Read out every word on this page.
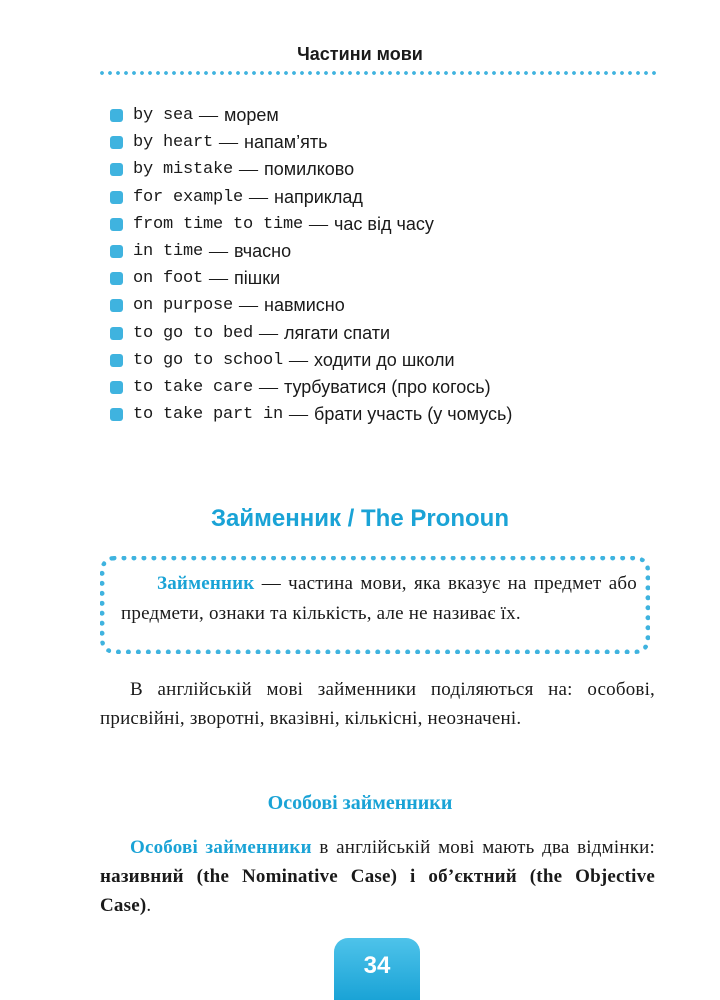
Частини мови
by sea — морем
by heart — напам’ять
by mistake — помилково
for example — наприклад
from time to time — час від часу
in time — вчасно
on foot — пішки
on purpose — навмисно
to go to bed — лягати спати
to go to school — ходити до школи
to take care — турбуватися (про когось)
to take part in — брати участь (у чомусь)
Займенник / The Pronoun

Займенник — частина мови, яка вказує на предмет або предмети, ознаки та кількість, але не називає їх.

В англійській мові займенники поділяються на: особові, присвійні, зворотні, вказівні, кількісні, неозначені.

Особові займенники

Особові займенники в англійській мові мають два відмінки: називний (the Nominative Case) і об’єктний (the Objective Case).

34
